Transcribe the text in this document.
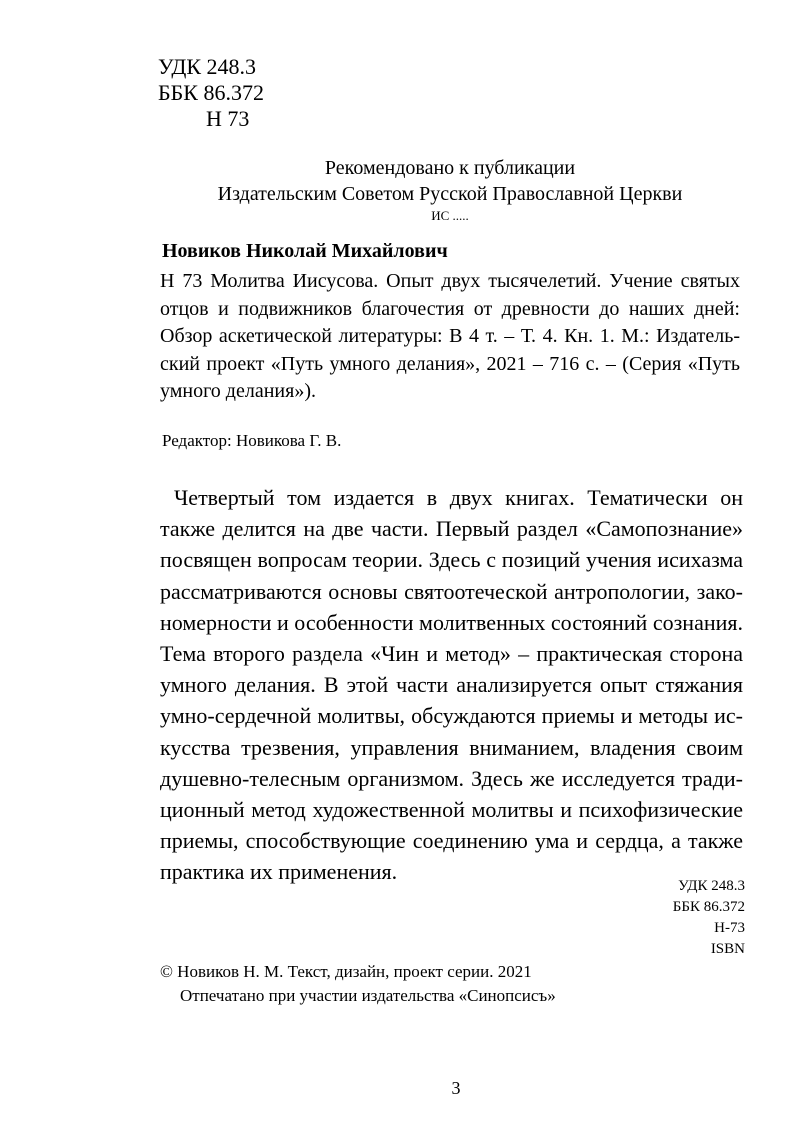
УДК 248.3
ББК 86.372
Н 73
Рекомендовано к публикации
Издательским Советом Русской Православной Церкви
ИС .....
Новиков Николай Михайлович
Н 73 Молитва Иисусова. Опыт двух тысячелетий. Учение святых
отцов и подвижников благочестия от древности до наших дней:
Обзор аскетической литературы: В 4 т. – Т. 4. Кн. 1. М.: Издатель-
ский проект «Путь умного делания», 2021 – 716 с. – (Серия «Путь
умного делания»).
Редактор: Новикова Г. В.
Четвертый том издается в двух книгах. Тематически он
также делится на две части. Первый раздел «Самопознание»
посвящен вопросам теории. Здесь с позиций учения исихазма
рассматриваются основы святоотеческой антропологии, зако-
номерности и особенности молитвенных состояний сознания.
Тема второго раздела «Чин и метод» – практическая сторона
умного делания. В этой части анализируется опыт стяжания
умно-сердечной молитвы, обсуждаются приемы и методы ис-
кусства трезвения, управления вниманием, владения своим
душевно-телесным организмом. Здесь же исследуется тради-
ционный метод художественной молитвы и психофизические
приемы, способствующие соединению ума и сердца, а также
практика их применения.
УДК 248.3
ББК 86.372
Н-73
ISBN
© Новиков Н. М. Текст, дизайн, проект серии. 2021
Отпечатано при участии издательства «Синопсисъ»
3
